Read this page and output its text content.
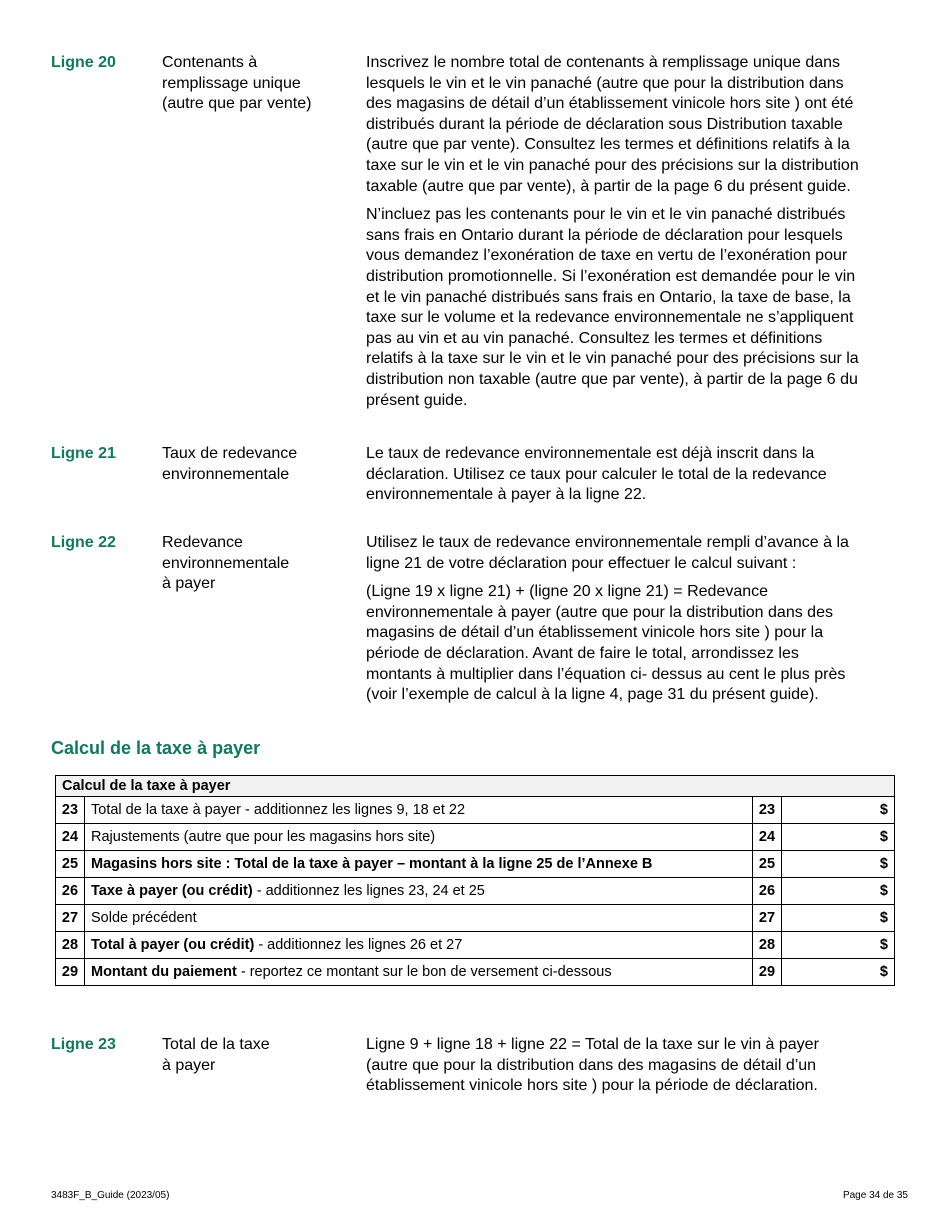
Ligne 20	Contenants à
remplissage unique
(autre que par vente)

Inscrivez le nombre total de contenants à remplissage unique dans
lesquels le vin et le vin panaché (autre que pour la distribution dans
des magasins de détail d’un établissement vinicole hors site ) ont été
distribués durant la période de déclaration sous Distribution taxable
(autre que par vente). Consultez les termes et définitions relatifs à la
taxe sur le vin et le vin panaché pour des précisions sur la distribution
taxable (autre que par vente), à partir de la page 6 du présent guide.

N’incluez pas les contenants pour le vin et le vin panaché distribués
sans frais en Ontario durant la période de déclaration pour lesquels
vous demandez l’exonération de taxe en vertu de l’exonération pour
distribution promotionnelle. Si l’exonération est demandée pour le vin
et le vin panaché distribués sans frais en Ontario, la taxe de base, la
taxe sur le volume et la redevance environnementale ne s’appliquent
pas au vin et au vin panaché. Consultez les termes et définitions
relatifs à la taxe sur le vin et le vin panaché pour des précisions sur la
distribution non taxable (autre que par vente), à partir de la page 6 du
présent guide.

Ligne 21	Taux de redevance
environnementale

Le taux de redevance environnementale est déjà inscrit dans la
déclaration. Utilisez ce taux pour calculer le total de la redevance
environnementale à payer à la ligne 22.

Ligne 22	Redevance
environnementale
à payer

Utilisez le taux de redevance environnementale rempli d’avance à la
ligne 21 de votre déclaration pour effectuer le calcul suivant :

(Ligne 19 x ligne 21) + (ligne 20 x ligne 21) = Redevance
environnementale à payer (autre que pour la distribution dans des
magasins de détail d’un établissement vinicole hors site ) pour la
période de déclaration. Avant de faire le total, arrondissez les
montants à multiplier dans l’équation ci- dessus au cent le plus près
(voir l’exemple de calcul à la ligne 4, page 31 du présent guide).

Calcul de la taxe à payer
Calcul de la taxe à payer			
23	Total de la taxe à payer - additionnez les lignes 9, 18 et 22	23	$
24	Rajustements (autre que pour les magasins hors site)	24	$
25	Magasins hors site : Total de la taxe à payer – montant à la ligne 25 de l’Annexe B	25	$
26	Taxe à payer (ou crédit) - additionnez les lignes 23, 24 et 25	26	$
27	Solde précédent	27	$
28	Total à payer (ou crédit) - additionnez les lignes 26 et 27	28	$
29	Montant du paiement - reportez ce montant sur le bon de versement ci-dessous	29	$
Ligne 23	Total de la taxe
à payer

Ligne 9 + ligne 18 + ligne 22 = Total de la taxe sur le vin à payer
(autre que pour la distribution dans des magasins de détail d’un
établissement vinicole hors site ) pour la période de déclaration.

3483F_B_Guide (2023/05)	Page 34 de 35
